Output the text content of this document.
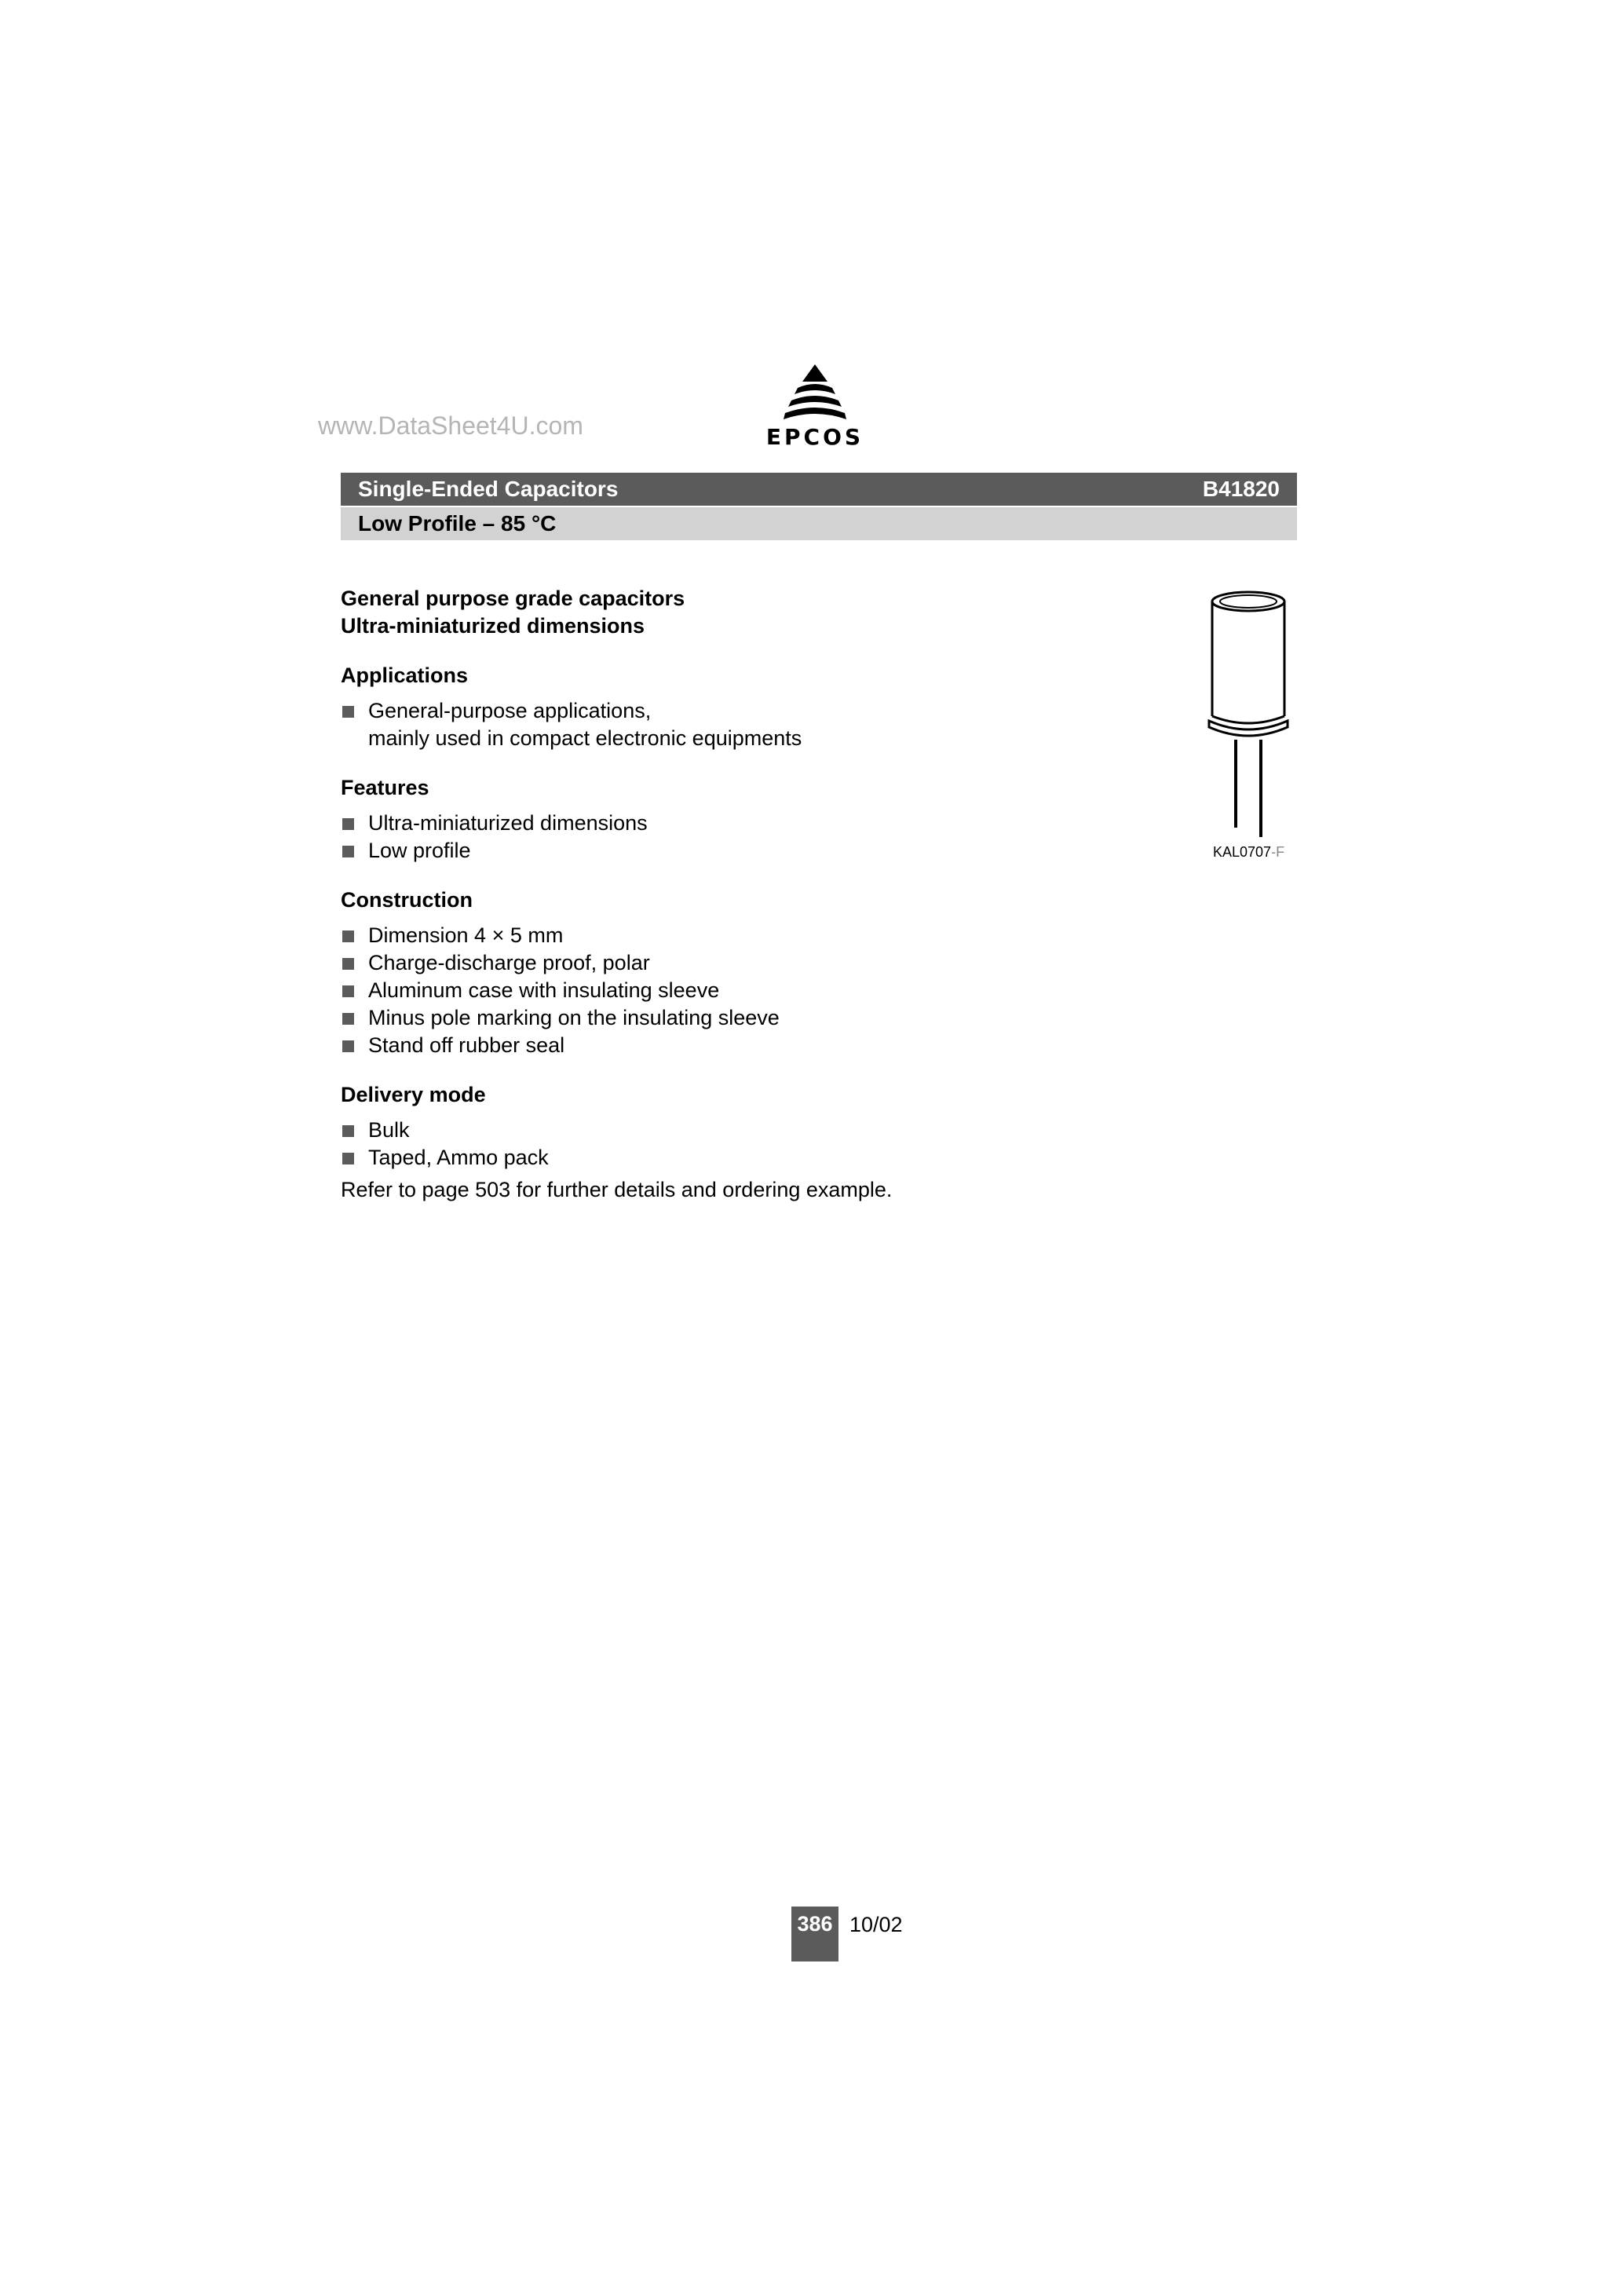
www.DataSheet4U.com	EPCOS
Single-Ended Capacitors	B41820
Low Profile – 85 °C
General purpose grade capacitors
Ultra-miniaturized dimensions
Applications
General-purpose applications,
mainly used in compact electronic equipments
Features
Ultra-miniaturized dimensions
Low profile
Construction
Dimension 4 × 5 mm
Charge-discharge proof, polar
Aluminum case with insulating sleeve
Minus pole marking on the insulating sleeve
Stand off rubber seal
Delivery mode
Bulk
Taped, Ammo pack
Refer to page 503 for further details and ordering example.
KAL0707-F
386 10/02
